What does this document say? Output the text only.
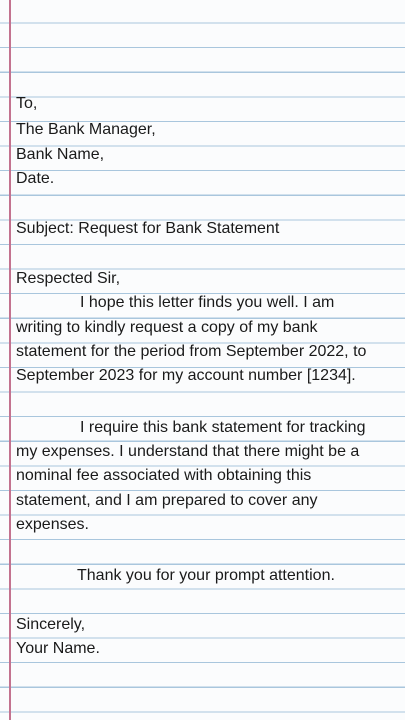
To,
The Bank Manager,
Bank Name,
Date.
Subject: Request for Bank Statement
Respected Sir,
I hope this letter finds you well. I am
writing to kindly request a copy of my bank
statement for the period from September 2022, to
September 2023 for my account number [1234].
I require this bank statement for tracking
my expenses. I understand that there might be a
nominal fee associated with obtaining this
statement, and I am prepared to cover any
expenses.
Thank you for your prompt attention.
Sincerely,
Your Name.
